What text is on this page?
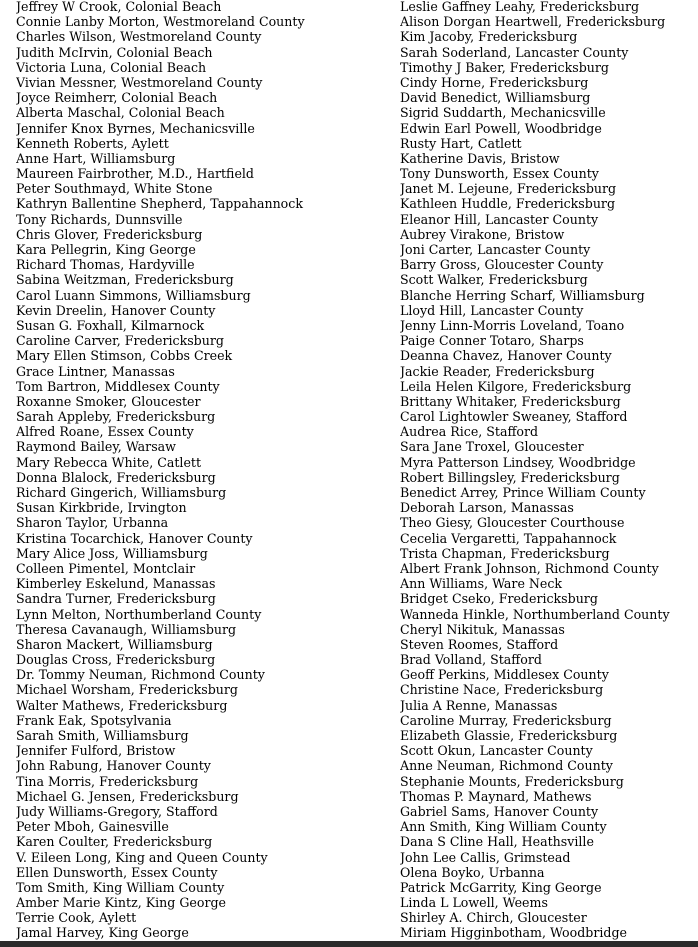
Jeffrey W Crook, Colonial Beach
Connie Lanby Morton, Westmoreland County
Charles Wilson, Westmoreland County
Judith McIrvin, Colonial Beach
Victoria Luna, Colonial Beach
Vivian Messner, Westmoreland County
Joyce Reimherr, Colonial Beach
Alberta Maschal, Colonial Beach
Jennifer Knox Byrnes, Mechanicsville
Kenneth Roberts, Aylett
Anne Hart, Williamsburg
Maureen Fairbrother, M.D., Hartfield
Peter Southmayd, White Stone
Kathryn Ballentine Shepherd, Tappahannock
Tony Richards, Dunnsville
Chris Glover, Fredericksburg
Kara Pellegrin, King George
Richard Thomas, Hardyville
Sabina Weitzman, Fredericksburg
Carol Luann Simmons, Williamsburg
Kevin Dreelin, Hanover County
Susan G. Foxhall, Kilmarnock
Caroline Carver, Fredericksburg
Mary Ellen Stimson, Cobbs Creek
Grace Lintner, Manassas
Tom Bartron, Middlesex County
Roxanne Smoker, Gloucester
Sarah Appleby, Fredericksburg
Alfred Roane, Essex County
Raymond Bailey, Warsaw
Mary Rebecca White, Catlett
Donna Blalock, Fredericksburg
Richard Gingerich, Williamsburg
Susan Kirkbride, Irvington
Sharon Taylor, Urbanna
Kristina Tocarchick, Hanover County
Mary Alice Joss, Williamsburg
Colleen Pimentel, Montclair
Kimberley Eskelund, Manassas
Sandra Turner, Fredericksburg
Lynn Melton, Northumberland County
Theresa Cavanaugh, Williamsburg
Sharon Mackert, Williamsburg
Douglas Cross, Fredericksburg
Dr. Tommy Neuman, Richmond County
Michael Worsham, Fredericksburg
Walter Mathews, Fredericksburg
Frank Eak, Spotsylvania
Sarah Smith, Williamsburg
Jennifer Fulford, Bristow
John Rabung, Hanover County
Tina Morris, Fredericksburg
Michael G. Jensen, Fredericksburg
Judy Williams-Gregory, Stafford
Peter Mboh, Gainesville
Karen Coulter, Fredericksburg
V. Eileen Long, King and Queen County
Ellen Dunsworth, Essex County
Tom Smith, King William County
Amber Marie Kintz, King George
Terrie Cook, Aylett
Jamal Harvey, King George
Leslie Gaffney Leahy, Fredericksburg
Alison Dorgan Heartwell, Fredericksburg
Kim Jacoby, Fredericksburg
Sarah Soderland, Lancaster County
Timothy J Baker, Fredericksburg
Cindy Horne, Fredericksburg
David Benedict, Williamsburg
Sigrid Suddarth, Mechanicsville
Edwin Earl Powell, Woodbridge
Rusty Hart, Catlett
Katherine Davis, Bristow
Tony Dunsworth, Essex County
Janet M. Lejeune, Fredericksburg
Kathleen Huddle, Fredericksburg
Eleanor Hill, Lancaster County
Aubrey Virakone, Bristow
Joni Carter, Lancaster County
Barry Gross, Gloucester County
Scott Walker, Fredericksburg
Blanche Herring Scharf, Williamsburg
Lloyd Hill, Lancaster County
Jenny Linn-Morris Loveland, Toano
Paige Conner Totaro, Sharps
Deanna Chavez, Hanover County
Jackie Reader, Fredericksburg
Leila Helen Kilgore, Fredericksburg
Brittany Whitaker, Fredericksburg
Carol Lightowler Sweaney, Stafford
Audrea Rice, Stafford
Sara Jane Troxel, Gloucester
Myra Patterson Lindsey, Woodbridge
Robert Billingsley, Fredericksburg
Benedict Arrey, Prince William County
Deborah Larson, Manassas
Theo Giesy, Gloucester Courthouse
Cecelia Vergaretti, Tappahannock
Trista Chapman, Fredericksburg
Albert Frank Johnson, Richmond County
Ann Williams, Ware Neck
Bridget Cseko, Fredericksburg
Wanneda Hinkle, Northumberland County
Cheryl Nikituk, Manassas
Steven Roomes, Stafford
Brad Volland, Stafford
Geoff Perkins, Middlesex County
Christine Nace, Fredericksburg
Julia A Renne, Manassas
Caroline Murray, Fredericksburg
Elizabeth Glassie, Fredericksburg
Scott Okun, Lancaster County
Anne Neuman, Richmond County
Stephanie Mounts, Fredericksburg
Thomas P. Maynard, Mathews
Gabriel Sams, Hanover County
Ann Smith, King William County
Dana S Cline Hall, Heathsville
John Lee Callis, Grimstead
Olena Boyko, Urbanna
Patrick McGarrity, King George
Linda L Lowell, Weems
Shirley A. Chirch, Gloucester
Miriam Higginbotham, Woodbridge
